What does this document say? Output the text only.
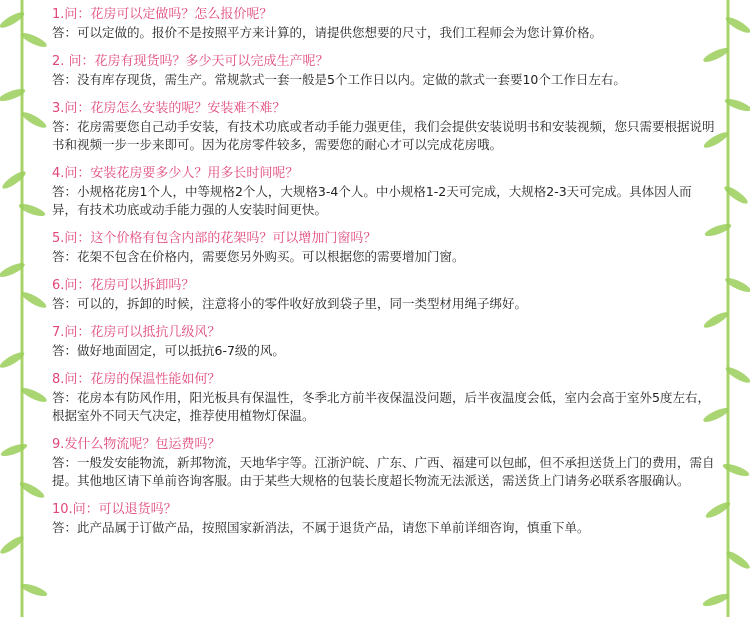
1.问：花房可以定做吗？怎么报价呢？
答：可以定做的。报价不是按照平方来计算的，请提供您想要的尺寸，我们工程师会为您计算价格。
2. 问：花房有现货吗？多少天可以完成生产呢？
答：没有库存现货，需生产。常规款式一套一般是5个工作日以内。定做的款式一套要10个工作日左右。
3.问：花房怎么安装的呢？安装难不难？
答：花房需要您自己动手安装，有技术功底或者动手能力强更佳，我们会提供安装说明书和安装视频，您只需要根据说明书和视频一步一步来即可。因为花房零件较多，需要您的耐心才可以完成花房哦。
4.问：安装花房要多少人？用多长时间呢？
答：小规格花房1个人，中等规格2个人，大规格3-4个人。中小规格1-2天可完成，大规格2-3天可完成。具体因人而异，有技术功底或动手能力强的人安装时间更快。
5.问：这个价格有包含内部的花架吗？可以增加门窗吗？
答：花架不包含在价格内，需要您另外购买。可以根据您的需要增加门窗。
6.问：花房可以拆卸吗？
答：可以的，拆卸的时候，注意将小的零件收好放到袋子里，同一类型材用绳子绑好。
7.问：花房可以抵抗几级风？
答：做好地面固定，可以抵抗6-7级的风。
8.问：花房的保温性能如何？
答：花房本有防风作用，阳光板具有保温性，冬季北方前半夜保温没问题，后半夜温度会低，室内会高于室外5度左右，根据室外不同天气决定，推荐使用植物灯保温。
9.发什么物流呢？包运费吗？
答：一般发安能物流，新邦物流，天地华宇等。江浙沪皖、广东、广西、福建可以包邮，但不承担送货上门的费用，需自提。其他地区请下单前咨询客服。由于某些大规格的包装长度超长物流无法派送，需送货上门请务必联系客服确认。
10.问：可以退货吗？
答：此产品属于订做产品，按照国家新消法，不属于退货产品，请您下单前详细咨询，慎重下单。
